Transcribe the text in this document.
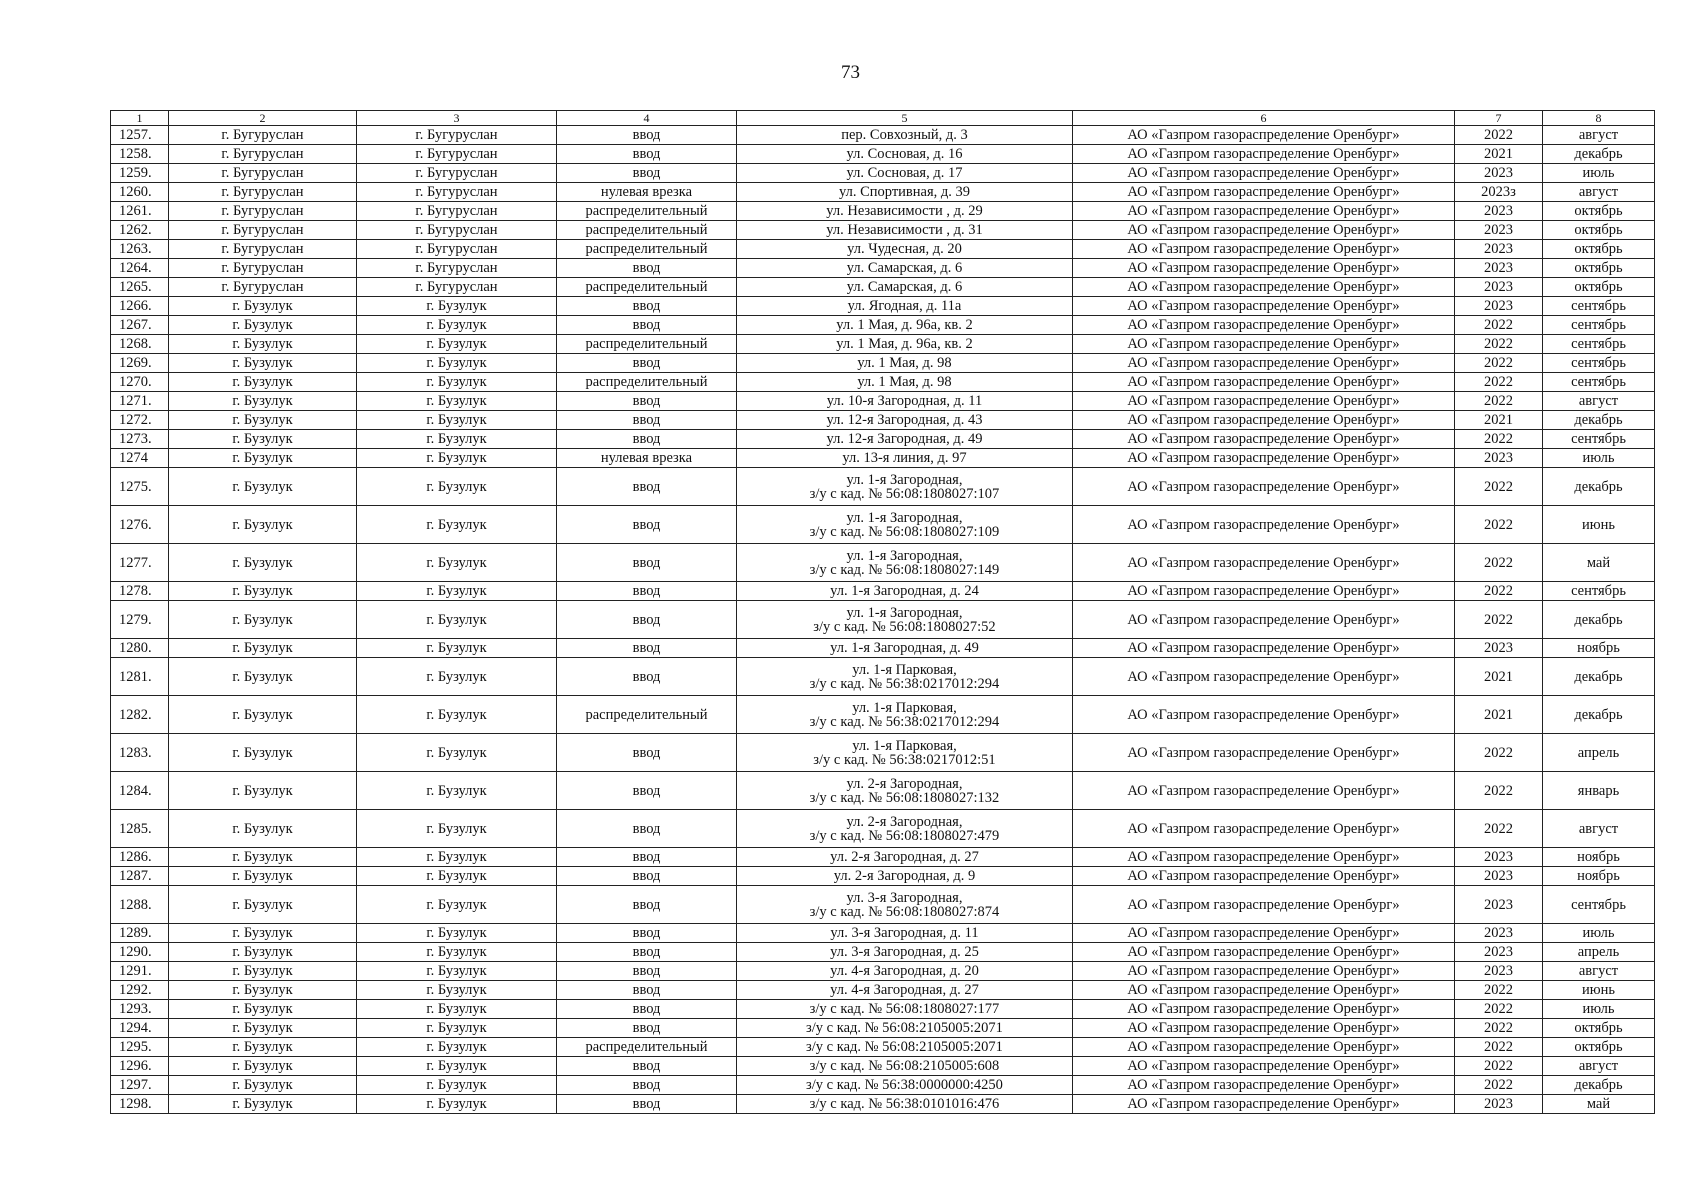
73
1	2	3	4	5	6	7	8
1257.	г. Бугуруслан	г. Бугуруслан	ввод	пер. Совхозный, д. 3	АО «Газпром газораспределение Оренбург»	2022	август
1258.	г. Бугуруслан	г. Бугуруслан	ввод	ул. Сосновая, д. 16	АО «Газпром газораспределение Оренбург»	2021	декабрь
1259.	г. Бугуруслан	г. Бугуруслан	ввод	ул. Сосновая, д. 17	АО «Газпром газораспределение Оренбург»	2023	июль
1260.	г. Бугуруслан	г. Бугуруслан	нулевая врезка	ул. Спортивная, д. 39	АО «Газпром газораспределение Оренбург»	2023з	август
1261.	г. Бугуруслан	г. Бугуруслан	распределительный	ул. Независимости , д. 29	АО «Газпром газораспределение Оренбург»	2023	октябрь
1262.	г. Бугуруслан	г. Бугуруслан	распределительный	ул. Независимости , д. 31	АО «Газпром газораспределение Оренбург»	2023	октябрь
1263.	г. Бугуруслан	г. Бугуруслан	распределительный	ул. Чудесная, д. 20	АО «Газпром газораспределение Оренбург»	2023	октябрь
1264.	г. Бугуруслан	г. Бугуруслан	ввод	ул. Самарская, д. 6	АО «Газпром газораспределение Оренбург»	2023	октябрь
1265.	г. Бугуруслан	г. Бугуруслан	распределительный	ул. Самарская, д. 6	АО «Газпром газораспределение Оренбург»	2023	октябрь
1266.	г. Бузулук	г. Бузулук	ввод	ул. Ягодная, д. 11а	АО «Газпром газораспределение Оренбург»	2023	сентябрь
1267.	г. Бузулук	г. Бузулук	ввод	ул. 1 Мая, д. 96а, кв. 2	АО «Газпром газораспределение Оренбург»	2022	сентябрь
1268.	г. Бузулук	г. Бузулук	распределительный	ул. 1 Мая, д. 96а, кв. 2	АО «Газпром газораспределение Оренбург»	2022	сентябрь
1269.	г. Бузулук	г. Бузулук	ввод	ул. 1 Мая, д. 98	АО «Газпром газораспределение Оренбург»	2022	сентябрь
1270.	г. Бузулук	г. Бузулук	распределительный	ул. 1 Мая, д. 98	АО «Газпром газораспределение Оренбург»	2022	сентябрь
1271.	г. Бузулук	г. Бузулук	ввод	ул. 10-я Загородная, д. 11	АО «Газпром газораспределение Оренбург»	2022	август
1272.	г. Бузулук	г. Бузулук	ввод	ул. 12-я Загородная, д. 43	АО «Газпром газораспределение Оренбург»	2021	декабрь
1273.	г. Бузулук	г. Бузулук	ввод	ул. 12-я Загородная, д. 49	АО «Газпром газораспределение Оренбург»	2022	сентябрь
1274	г. Бузулук	г. Бузулук	нулевая врезка	ул. 13-я линия, д. 97	АО «Газпром газораспределение Оренбург»	2023	июль
1275.	г. Бузулук	г. Бузулук	ввод	ул. 1-я Загородная,
з/у с кад. № 56:08:1808027:107	АО «Газпром газораспределение Оренбург»	2022	декабрь
1276.	г. Бузулук	г. Бузулук	ввод	ул. 1-я Загородная,
з/у с кад. № 56:08:1808027:109	АО «Газпром газораспределение Оренбург»	2022	июнь
1277.	г. Бузулук	г. Бузулук	ввод	ул. 1-я Загородная,
з/у с кад. № 56:08:1808027:149	АО «Газпром газораспределение Оренбург»	2022	май
1278.	г. Бузулук	г. Бузулук	ввод	ул. 1-я Загородная, д. 24	АО «Газпром газораспределение Оренбург»	2022	сентябрь
1279.	г. Бузулук	г. Бузулук	ввод	ул. 1-я Загородная,
з/у с кад. № 56:08:1808027:52	АО «Газпром газораспределение Оренбург»	2022	декабрь
1280.	г. Бузулук	г. Бузулук	ввод	ул. 1-я Загородная, д. 49	АО «Газпром газораспределение Оренбург»	2023	ноябрь
1281.	г. Бузулук	г. Бузулук	ввод	ул. 1-я Парковая,
з/у с кад. № 56:38:0217012:294	АО «Газпром газораспределение Оренбург»	2021	декабрь
1282.	г. Бузулук	г. Бузулук	распределительный	ул. 1-я Парковая,
з/у с кад. № 56:38:0217012:294	АО «Газпром газораспределение Оренбург»	2021	декабрь
1283.	г. Бузулук	г. Бузулук	ввод	ул. 1-я Парковая,
з/у с кад. № 56:38:0217012:51	АО «Газпром газораспределение Оренбург»	2022	апрель
1284.	г. Бузулук	г. Бузулук	ввод	ул. 2-я Загородная,
з/у с кад. № 56:08:1808027:132	АО «Газпром газораспределение Оренбург»	2022	январь
1285.	г. Бузулук	г. Бузулук	ввод	ул. 2-я Загородная,
з/у с кад. № 56:08:1808027:479	АО «Газпром газораспределение Оренбург»	2022	август
1286.	г. Бузулук	г. Бузулук	ввод	ул. 2-я Загородная, д. 27	АО «Газпром газораспределение Оренбург»	2023	ноябрь
1287.	г. Бузулук	г. Бузулук	ввод	ул. 2-я Загородная, д. 9	АО «Газпром газораспределение Оренбург»	2023	ноябрь
1288.	г. Бузулук	г. Бузулук	ввод	ул. 3-я Загородная,
з/у с кад. № 56:08:1808027:874	АО «Газпром газораспределение Оренбург»	2023	сентябрь
1289.	г. Бузулук	г. Бузулук	ввод	ул. 3-я Загородная, д. 11	АО «Газпром газораспределение Оренбург»	2023	июль
1290.	г. Бузулук	г. Бузулук	ввод	ул. 3-я Загородная, д. 25	АО «Газпром газораспределение Оренбург»	2023	апрель
1291.	г. Бузулук	г. Бузулук	ввод	ул. 4-я Загородная, д. 20	АО «Газпром газораспределение Оренбург»	2023	август
1292.	г. Бузулук	г. Бузулук	ввод	ул. 4-я Загородная, д. 27	АО «Газпром газораспределение Оренбург»	2022	июнь
1293.	г. Бузулук	г. Бузулук	ввод	з/у с кад. № 56:08:1808027:177	АО «Газпром газораспределение Оренбург»	2022	июль
1294.	г. Бузулук	г. Бузулук	ввод	з/у с кад. № 56:08:2105005:2071	АО «Газпром газораспределение Оренбург»	2022	октябрь
1295.	г. Бузулук	г. Бузулук	распределительный	з/у с кад. № 56:08:2105005:2071	АО «Газпром газораспределение Оренбург»	2022	октябрь
1296.	г. Бузулук	г. Бузулук	ввод	з/у с кад. № 56:08:2105005:608	АО «Газпром газораспределение Оренбург»	2022	август
1297.	г. Бузулук	г. Бузулук	ввод	з/у с кад. № 56:38:0000000:4250	АО «Газпром газораспределение Оренбург»	2022	декабрь
1298.	г. Бузулук	г. Бузулук	ввод	з/у с кад. № 56:38:0101016:476	АО «Газпром газораспределение Оренбург»	2023	май
